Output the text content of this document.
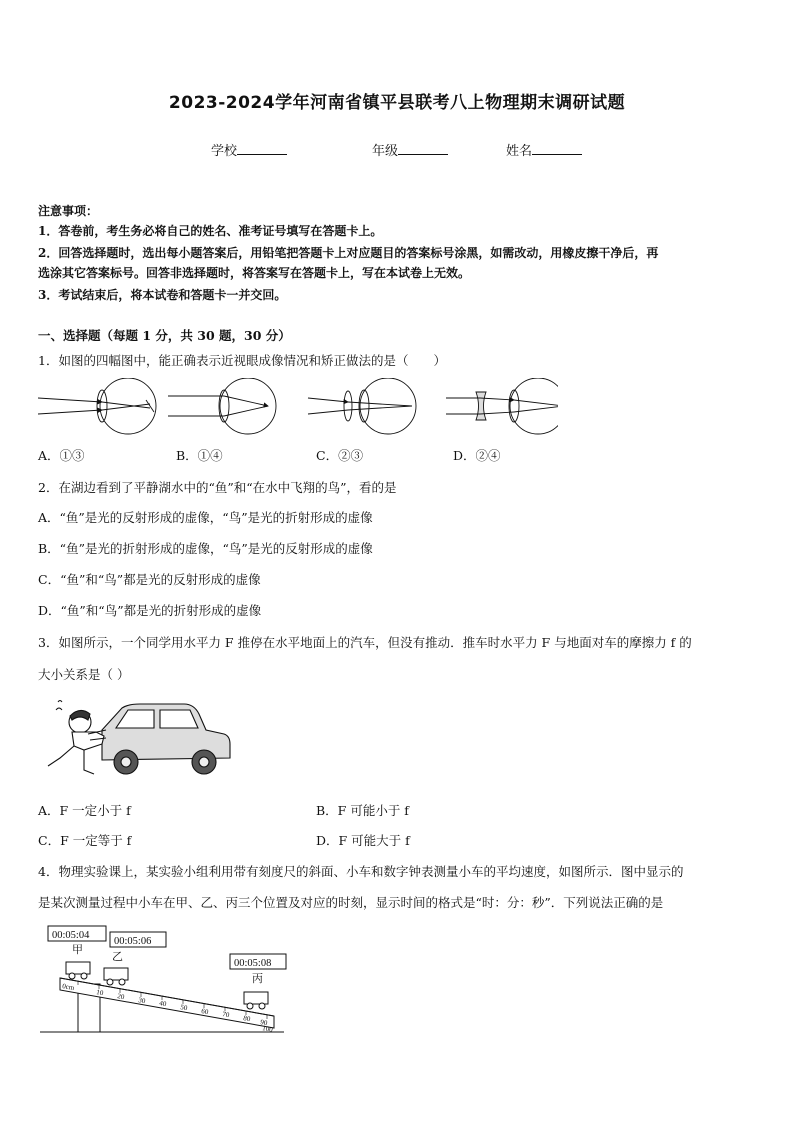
2023-2024学年河南省镇平县联考八上物理期末调研试题
学校	年级	姓名
注意事项：
1．答卷前，考生务必将自己的姓名、准考证号填写在答题卡上。
2．回答选择题时，选出每小题答案后，用铅笔把答题卡上对应题目的答案标号涂黑，如需改动，用橡皮擦干净后，再
选涂其它答案标号。回答非选择题时，将答案写在答题卡上，写在本试卷上无效。
3．考试结束后，将本试卷和答题卡一并交回。
一、选择题（每题 1 分，共 30 题，30 分）
1．如图的四幅图中，能正确表示近视眼成像情况和矫正做法的是（　　）
A．①③	B．①④	C．②③	D．②④
2．在湖边看到了平静湖水中的“鱼”和“在水中飞翔的鸟”，看的是
A．“鱼”是光的反射形成的虚像，“鸟”是光的折射形成的虚像
B．“鱼”是光的折射形成的虚像，“鸟”是光的反射形成的虚像
C．“鱼”和“鸟”都是光的反射形成的虚像
D．“鱼”和“鸟”都是光的折射形成的虚像
3．如图所示，一个同学用水平力 F 推停在水平地面上的汽车，但没有推动．推车时水平力 F 与地面对车的摩擦力 f 的
大小关系是（ ）
A．F 一定小于 f	B．F 可能小于 f
C．F 一定等于 f	D．F 可能大于 f
4．物理实验课上，某实验小组利用带有刻度尺的斜面、小车和数字钟表测量小车的平均速度，如图所示．图中显示的
是某次测量过程中小车在甲、乙、丙三个位置及对应的时刻，显示时间的格式是“时：分：秒”．下列说法正确的是
0cm
10 20 30 40 50 60 70 80 90
100
00:05:04
00:05:06
00:05:08
甲
乙
丙
